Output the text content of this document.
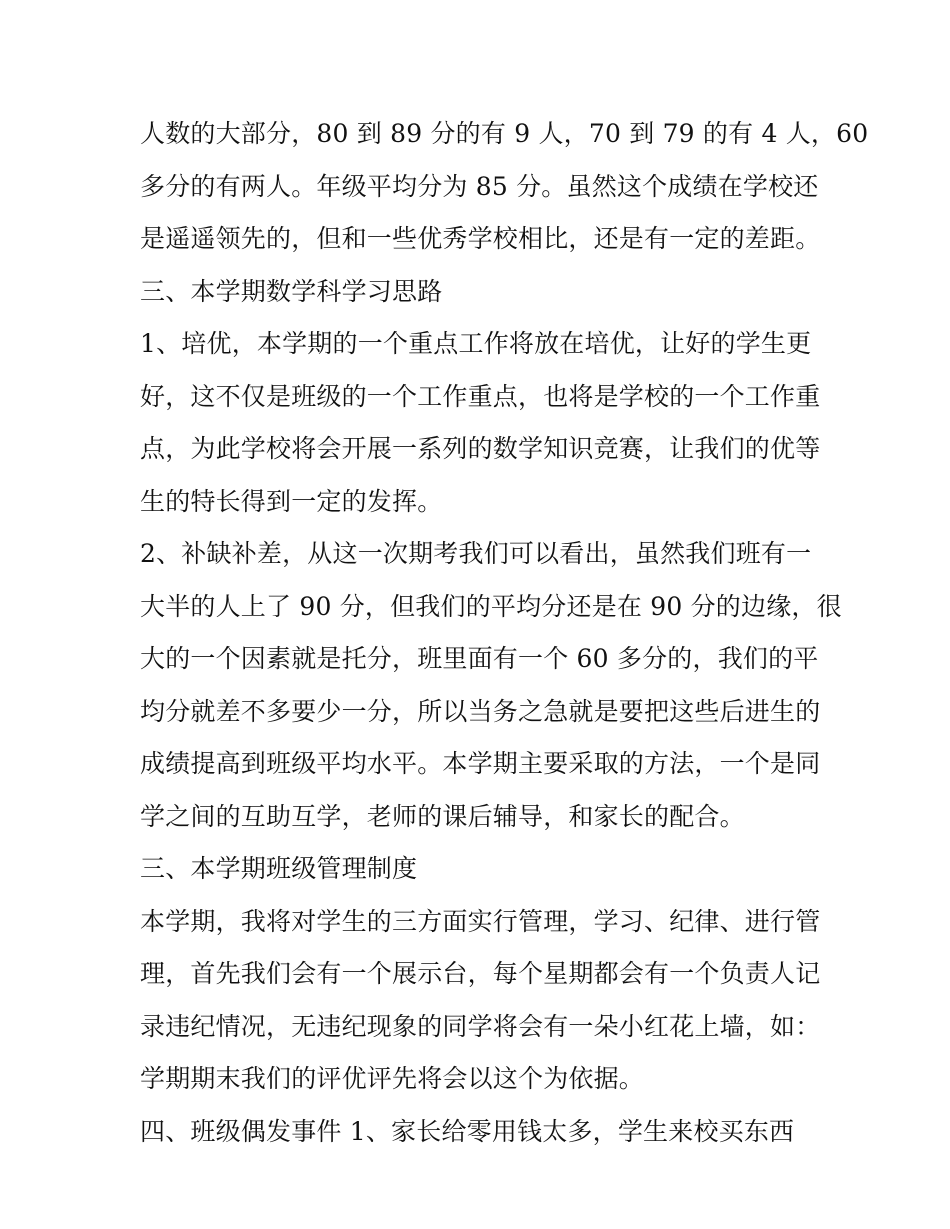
人数的大部分，80 到 89 分的有 9 人，70 到 79 的有 4 人，60
多分的有两人。年级平均分为 85 分。虽然这个成绩在学校还
是遥遥领先的，但和一些优秀学校相比，还是有一定的差距。
三、本学期数学科学习思路
1、培优，本学期的一个重点工作将放在培优，让好的学生更
好，这不仅是班级的一个工作重点，也将是学校的一个工作重
点，为此学校将会开展一系列的数学知识竞赛，让我们的优等
生的特长得到一定的发挥。
2、补缺补差，从这一次期考我们可以看出，虽然我们班有一
大半的人上了 90 分，但我们的平均分还是在 90 分的边缘，很
大的一个因素就是托分，班里面有一个 60 多分的，我们的平
均分就差不多要少一分，所以当务之急就是要把这些后进生的
成绩提高到班级平均水平。本学期主要采取的方法，一个是同
学之间的互助互学，老师的课后辅导，和家长的配合。
三、本学期班级管理制度
本学期，我将对学生的三方面实行管理，学习、纪律、进行管
理，首先我们会有一个展示台，每个星期都会有一个负责人记
录违纪情况，无违纪现象的同学将会有一朵小红花上墙，如：
学期期末我们的评优评先将会以这个为依据。
四、班级偶发事件 1、家长给零用钱太多，学生来校买东西
